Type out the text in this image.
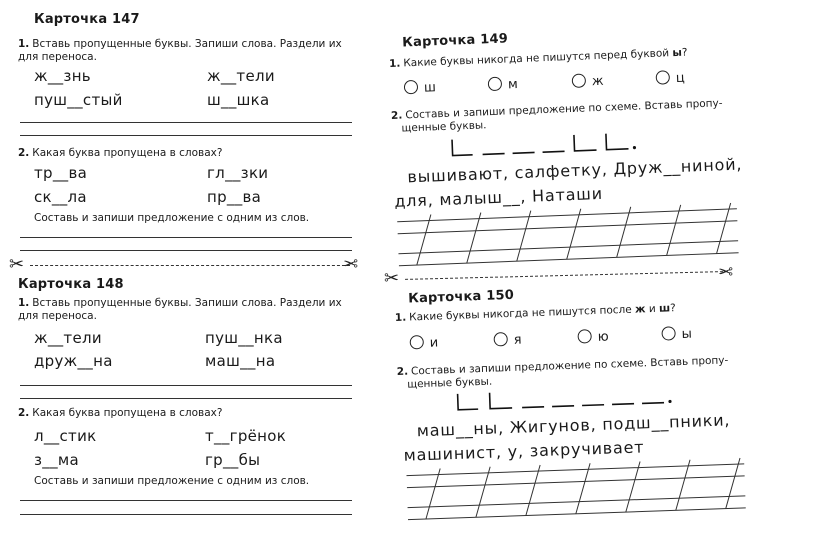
Карточка 147
1. Вставь пропущенные буквы. Запиши слова. Раздели их
для переноса.
ж__знь	ж__тели
пуш__стый	ш__шка
2. Какая буква пропущена в словах?
тр__ва	гл__зки
ск__ла	пр__ва
Составь и запиши предложение с одним из слов.
✂	✂
Карточка 148
1. Вставь пропущенные буквы. Запиши слова. Раздели их
для переноса.
ж__тели	пуш__нка
друж__на	маш__на
2. Какая буква пропущена в словах?
л__стик	т__грёнок
з__ма	гр__бы
Составь и запиши предложение с одним из слов.
Карточка 149
1. Какие буквы никогда не пишутся перед буквой ы?
ш	м	ж	ц
2. Составь и запиши предложение по схеме. Вставь пропу-
щенные буквы.
вышивают, салфетку, Друж__ниной,
для, малыш__, Наташи
✂	✂
Карточка 150
1. Какие буквы никогда не пишутся после ж и ш?
и	я	ю	ы
2. Составь и запиши предложение по схеме. Вставь пропу-
щенные буквы.
маш__ны, Жигунов, подш__пники,
машинист, у, закручивает
